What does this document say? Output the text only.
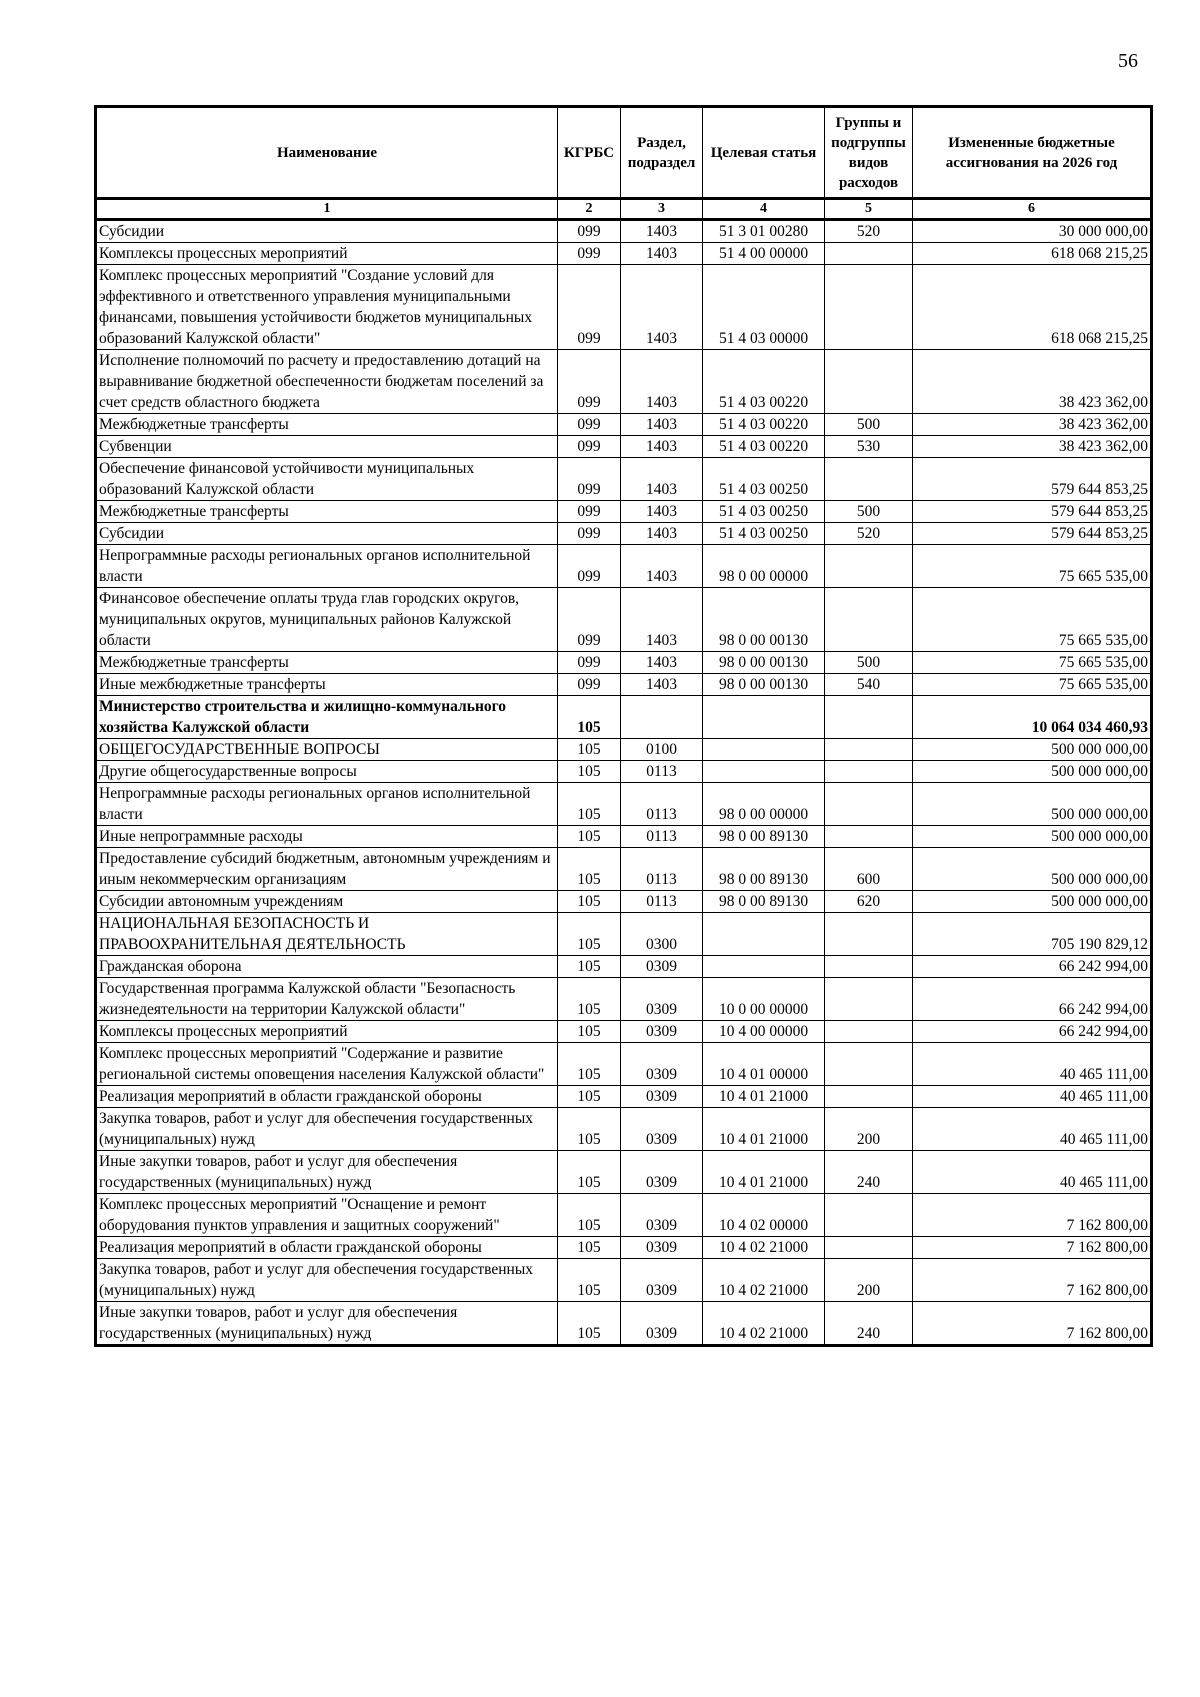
56
Наименование	КГРБС	Раздел, подраздел	Целевая статья	Группы и подгруппы видов расходов	Измененные бюджетные ассигнования на 2026 год
1	2	3	4	5	6
Субсидии	099	1403	51 3 01 00280	520	30 000 000,00
Комплексы процессных мероприятий	099	1403	51 4 00 00000		618 068 215,25
Комплекс процессных мероприятий "Создание условий для эффективного и ответственного управления муниципальными финансами, повышения устойчивости бюджетов муниципальных образований Калужской области"	099	1403	51 4 03 00000		618 068 215,25
Исполнение полномочий по расчету и предоставлению дотаций на выравнивание бюджетной обеспеченности бюджетам поселений за счет средств областного бюджета	099	1403	51 4 03 00220		38 423 362,00
Межбюджетные трансферты	099	1403	51 4 03 00220	500	38 423 362,00
Субвенции	099	1403	51 4 03 00220	530	38 423 362,00
Обеспечение финансовой устойчивости муниципальных образований Калужской области	099	1403	51 4 03 00250		579 644 853,25
Межбюджетные трансферты	099	1403	51 4 03 00250	500	579 644 853,25
Субсидии	099	1403	51 4 03 00250	520	579 644 853,25
Непрограммные расходы региональных органов исполнительной власти	099	1403	98 0 00 00000		75 665 535,00
Финансовое обеспечение оплаты труда глав городских округов, муниципальных округов, муниципальных районов Калужской области	099	1403	98 0 00 00130		75 665 535,00
Межбюджетные трансферты	099	1403	98 0 00 00130	500	75 665 535,00
Иные межбюджетные трансферты	099	1403	98 0 00 00130	540	75 665 535,00
Министерство строительства и жилищно-коммунального хозяйства Калужской области	105				10 064 034 460,93
ОБЩЕГОСУДАРСТВЕННЫЕ ВОПРОСЫ	105	0100			500 000 000,00
Другие общегосударственные вопросы	105	0113			500 000 000,00
Непрограммные расходы региональных органов исполнительной власти	105	0113	98 0 00 00000		500 000 000,00
Иные непрограммные расходы	105	0113	98 0 00 89130		500 000 000,00
Предоставление субсидий бюджетным, автономным учреждениям и иным некоммерческим организациям	105	0113	98 0 00 89130	600	500 000 000,00
Субсидии автономным учреждениям	105	0113	98 0 00 89130	620	500 000 000,00
НАЦИОНАЛЬНАЯ БЕЗОПАСНОСТЬ И ПРАВООХРАНИТЕЛЬНАЯ ДЕЯТЕЛЬНОСТЬ	105	0300			705 190 829,12
Гражданская оборона	105	0309			66 242 994,00
Государственная программа Калужской области "Безопасность жизнедеятельности на территории Калужской области"	105	0309	10 0 00 00000		66 242 994,00
Комплексы процессных мероприятий	105	0309	10 4 00 00000		66 242 994,00
Комплекс процессных мероприятий "Содержание и развитие региональной системы оповещения населения Калужской области"	105	0309	10 4 01 00000		40 465 111,00
Реализация мероприятий в области гражданской обороны	105	0309	10 4 01 21000		40 465 111,00
Закупка товаров, работ и услуг для обеспечения государственных (муниципальных) нужд	105	0309	10 4 01 21000	200	40 465 111,00
Иные закупки товаров, работ и услуг для обеспечения государственных (муниципальных) нужд	105	0309	10 4 01 21000	240	40 465 111,00
Комплекс процессных мероприятий "Оснащение и ремонт оборудования пунктов управления и защитных сооружений"	105	0309	10 4 02 00000		7 162 800,00
Реализация мероприятий в области гражданской обороны	105	0309	10 4 02 21000		7 162 800,00
Закупка товаров, работ и услуг для обеспечения государственных (муниципальных) нужд	105	0309	10 4 02 21000	200	7 162 800,00
Иные закупки товаров, работ и услуг для обеспечения государственных (муниципальных) нужд	105	0309	10 4 02 21000	240	7 162 800,00
